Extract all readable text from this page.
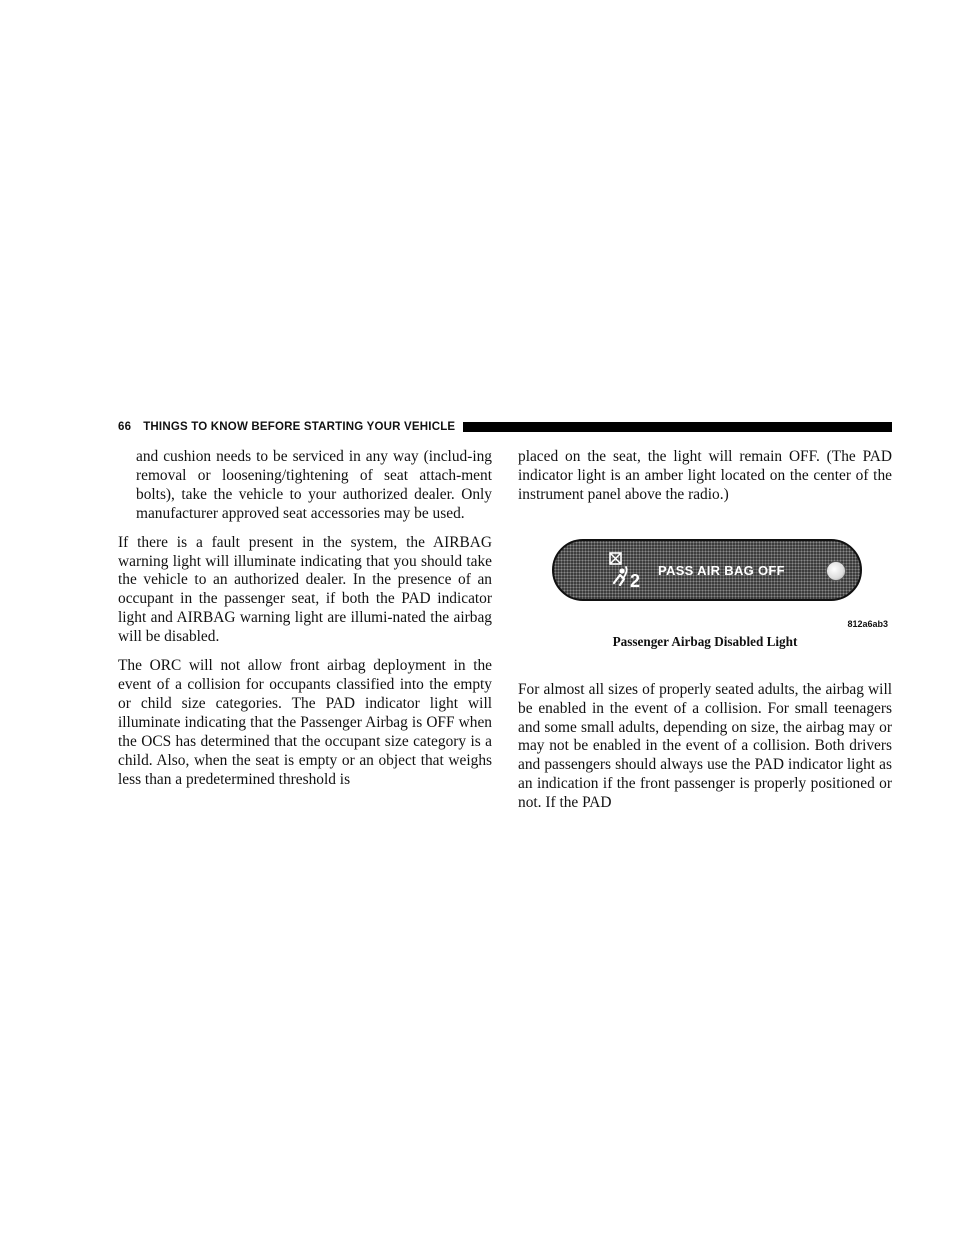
66 THINGS TO KNOW BEFORE STARTING YOUR VEHICLE

and cushion needs to be serviced in any way (includ-ing removal or loosening/tightening of seat attach-ment bolts), take the vehicle to your authorized dealer. Only manufacturer approved seat accessories may be used.

If there is a fault present in the system, the AIRBAG warning light will illuminate indicating that you should take the vehicle to an authorized dealer. In the presence of an occupant in the passenger seat, if both the PAD indicator light and AIRBAG warning light are illumi-nated the airbag will be disabled.

The ORC will not allow front airbag deployment in the event of a collision for occupants classified into the empty or child size categories. The PAD indicator light will illuminate indicating that the Passenger Airbag is OFF when the OCS has determined that the occupant size category is a child. Also, when the seat is empty or an object that weighs less than a predetermined threshold is

placed on the seat, the light will remain OFF. (The PAD indicator light is an amber light located on the center of the instrument panel above the radio.)

2
PASS AIR BAG OFF
812a6ab3
Passenger Airbag Disabled Light

For almost all sizes of properly seated adults, the airbag will be enabled in the event of a collision. For small teenagers and some small adults, depending on size, the airbag may or may not be enabled in the event of a collision. Both drivers and passengers should always use the PAD indicator light as an indication if the front passenger is properly positioned or not. If the PAD
